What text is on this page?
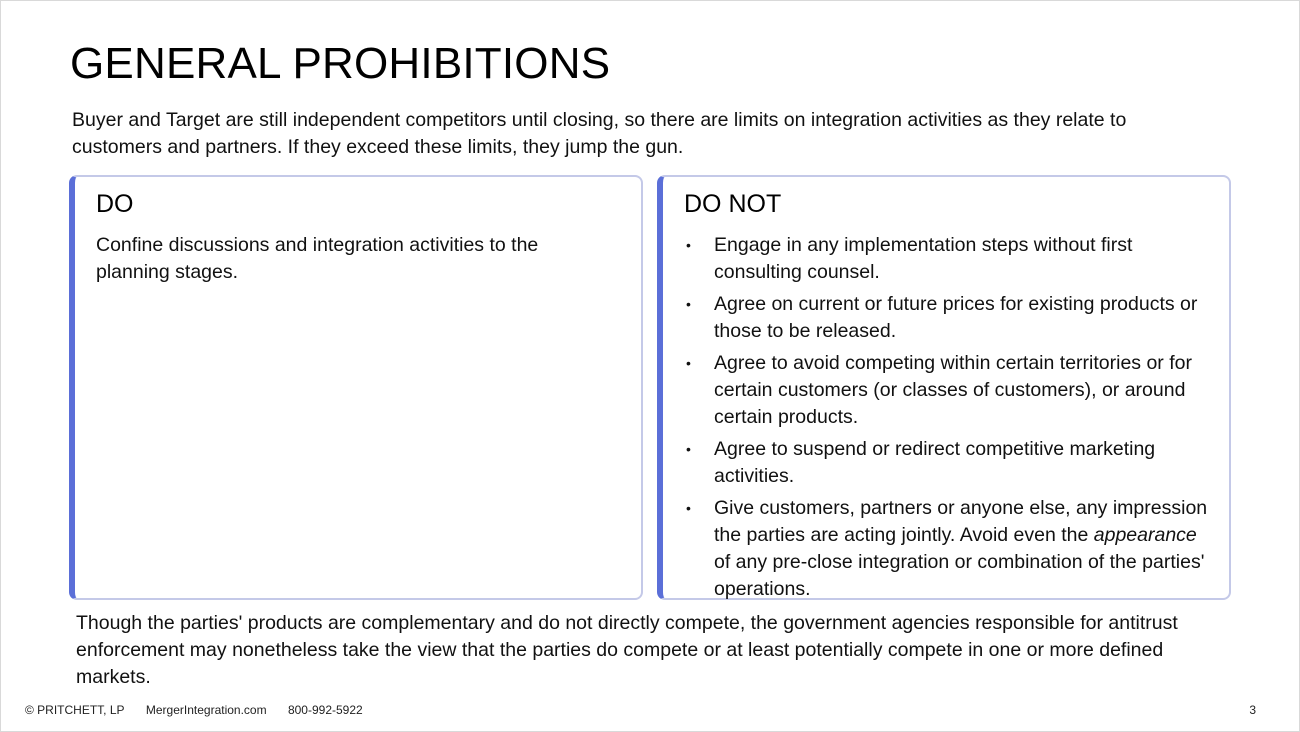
GENERAL PROHIBITIONS

Buyer and Target are still independent competitors until closing, so there are limits on integration activities as they relate to customers and partners. If they exceed these limits, they jump the gun.

DO

Confine discussions and integration activities to the planning stages.

DO NOT
• Engage in any implementation steps without first consulting counsel.
• Agree on current or future prices for existing products or those to be released.
• Agree to avoid competing within certain territories or for certain customers (or classes of customers), or around certain products.
• Agree to suspend or redirect competitive marketing activities.
• Give customers, partners or anyone else, any impression the parties are acting jointly. Avoid even the appearance of any pre-close integration or combination of the parties' operations.

Though the parties' products are complementary and do not directly compete, the government agencies responsible for antitrust enforcement may nonetheless take the view that the parties do compete or at least potentially compete in one or more defined markets.

© PRITCHETT, LP MergerIntegration.com 800-992-5922	3
